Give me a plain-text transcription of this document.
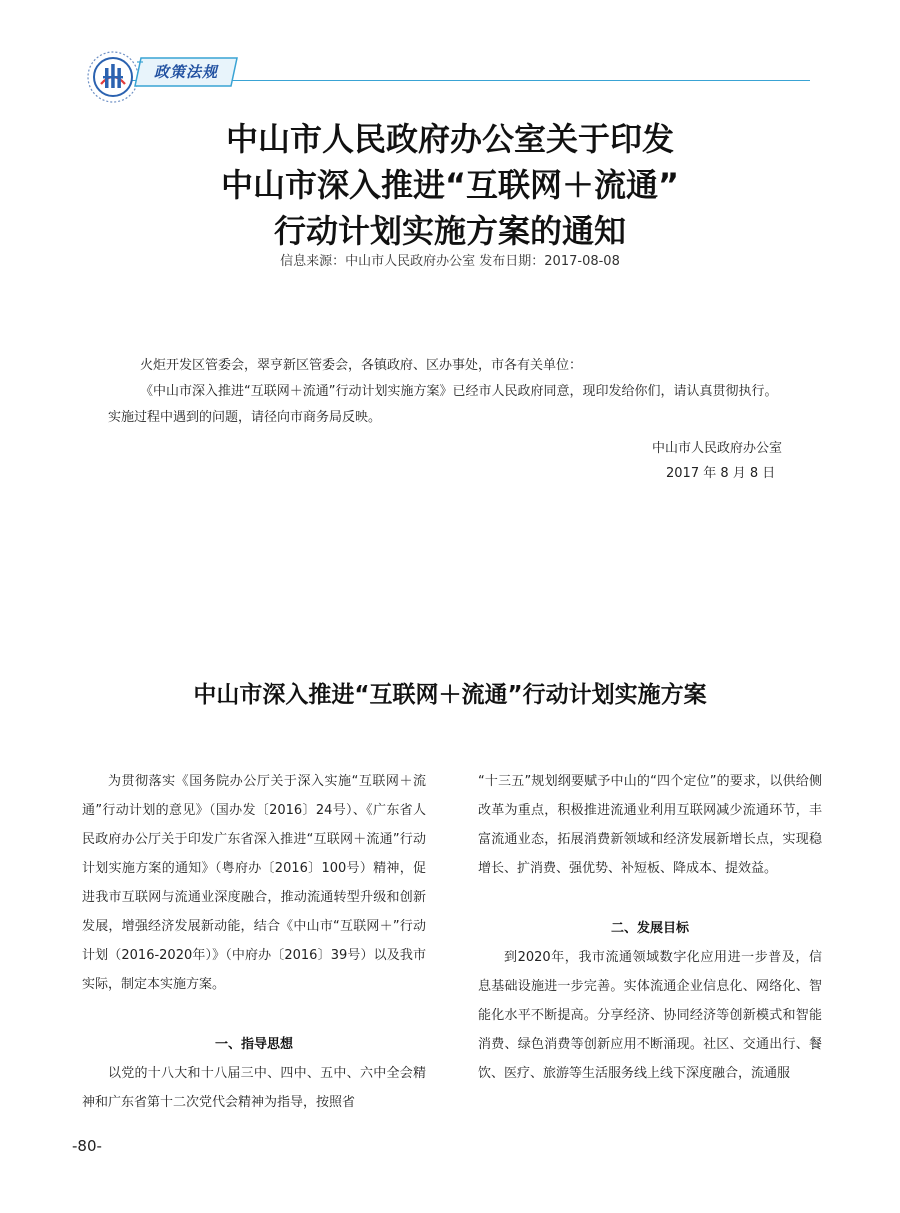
政策法规
中山市人民政府办公室关于印发
中山市深入推进“互联网＋流通”
行动计划实施方案的通知
信息来源：中山市人民政府办公室 发布日期：2017-08-08
火炬开发区管委会，翠亨新区管委会，各镇政府、区办事处，市各有关单位：
《中山市深入推进“互联网＋流通”行动计划实施方案》已经市人民政府同意，现印发给你们，请认真贯彻执行。
实施过程中遇到的问题，请径向市商务局反映。
中山市人民政府办公室
2017 年 8 月 8 日
中山市深入推进“互联网＋流通”行动计划实施方案

为贯彻落实《国务院办公厅关于深入实施“互联网＋流通”行动计划的意见》（国办发〔2016〕24号）、《广东省人民政府办公厅关于印发广东省深入推进“互联网＋流通”行动计划实施方案的通知》（粤府办〔2016〕100号）精神，促进我市互联网与流通业深度融合，推动流通转型升级和创新发展，增强经济发展新动能，结合《中山市“互联网＋”行动计划（2016-2020年）》（中府办〔2016〕39号）以及我市实际，制定本实施方案。

一、指导思想

以党的十八大和十八届三中、四中、五中、六中全会精神和广东省第十二次党代会精神为指导，按照省

“十三五”规划纲要赋予中山的“四个定位”的要求，以供给侧改革为重点，积极推进流通业利用互联网减少流通环节，丰富流通业态，拓展消费新领域和经济发展新增长点，实现稳增长、扩消费、强优势、补短板、降成本、提效益。

二、发展目标

到2020年，我市流通领域数字化应用进一步普及，信息基础设施进一步完善。实体流通企业信息化、网络化、智能化水平不断提高。分享经济、协同经济等创新模式和智能消费、绿色消费等创新应用不断涌现。社区、交通出行、餐饮、医疗、旅游等生活服务线上线下深度融合，流通服

-80-
